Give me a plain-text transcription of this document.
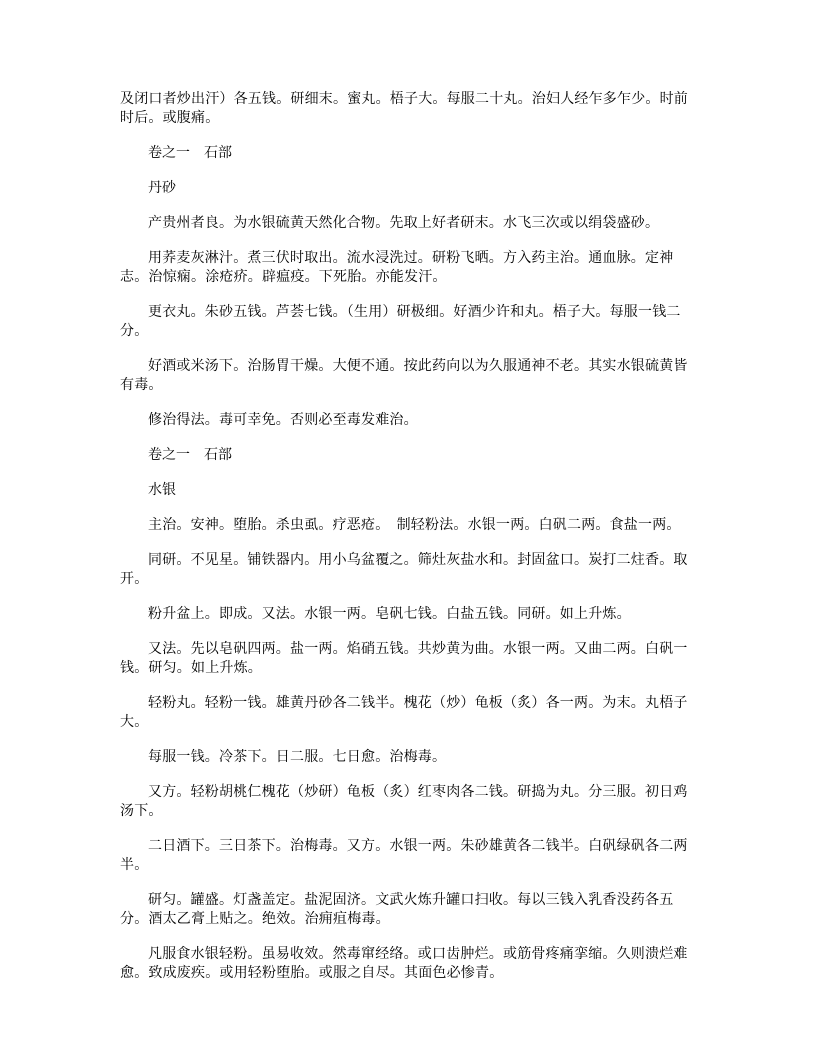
及闭口者炒出汗）各五钱。研细末。蜜丸。梧子大。每服二十丸。治妇人经乍多乍少。时前时后。或腹痛。

卷之一　石部

丹砂

产贵州者良。为水银硫黄天然化合物。先取上好者研末。水飞三次或以绢袋盛砂。

用荞麦灰淋汁。煮三伏时取出。流水浸洗过。研粉飞晒。方入药主治。通血脉。定神志。治惊痫。涂疮疥。辟瘟疫。下死胎。亦能发汗。

更衣丸。朱砂五钱。芦荟七钱。（生用）研极细。好酒少许和丸。梧子大。每服一钱二分。

好酒或米汤下。治肠胃干燥。大便不通。按此药向以为久服通神不老。其实水银硫黄皆有毒。

修治得法。毒可幸免。否则必至毒发难治。

卷之一　石部

水银

主治。安神。堕胎。杀虫虱。疗恶疮。　制轻粉法。水银一两。白矾二两。食盐一两。

同研。不见星。铺铁器内。用小乌盆覆之。筛灶灰盐水和。封固盆口。炭打二炷香。取开。

粉升盆上。即成。又法。水银一两。皂矾七钱。白盐五钱。同研。如上升炼。

又法。先以皂矾四两。盐一两。焰硝五钱。共炒黄为曲。水银一两。又曲二两。白矾一钱。研匀。如上升炼。

轻粉丸。轻粉一钱。雄黄丹砂各二钱半。槐花（炒）龟板（炙）各一两。为末。丸梧子大。

每服一钱。冷茶下。日二服。七日愈。治梅毒。

又方。轻粉胡桃仁槐花（炒研）龟板（炙）红枣肉各二钱。研捣为丸。分三服。初日鸡汤下。

二日酒下。三日茶下。治梅毒。又方。水银一两。朱砂雄黄各二钱半。白矾绿矾各二两半。

研匀。罐盛。灯盏盖定。盐泥固济。文武火炼升罐口扫收。每以三钱入乳香没药各五分。酒太乙膏上贴之。绝效。治痈疽梅毒。

凡服食水银轻粉。虽易收效。然毒窜经络。或口齿肿烂。或筋骨疼痛挛缩。久则溃烂难愈。致成废疾。或用轻粉堕胎。或服之自尽。其面色必惨青。
